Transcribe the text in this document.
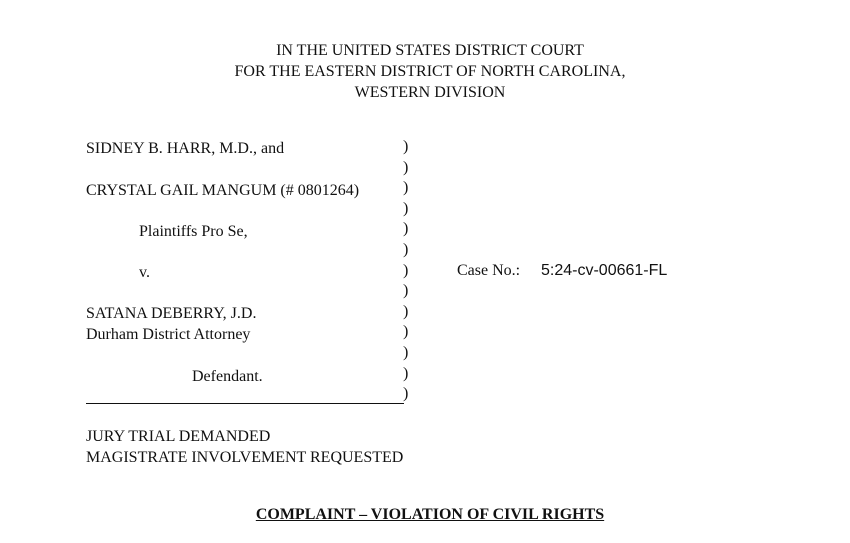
IN THE UNITED STATES DISTRICT COURT
FOR THE EASTERN DISTRICT OF NORTH CAROLINA,
WESTERN DIVISION
SIDNEY B. HARR, M.D., and
CRYSTAL GAIL MANGUM (# 0801264)
Plaintiffs Pro Se,
v.
SATANA DEBERRY, J.D.
Durham District Attorney
Defendant.
)
)
)
)
)
)
)
)
)
)
)
)
)
Case No.: 5:24-cv-00661-FL
JURY TRIAL DEMANDED
MAGISTRATE INVOLVEMENT REQUESTED
COMPLAINT – VIOLATION OF CIVIL RIGHTS
